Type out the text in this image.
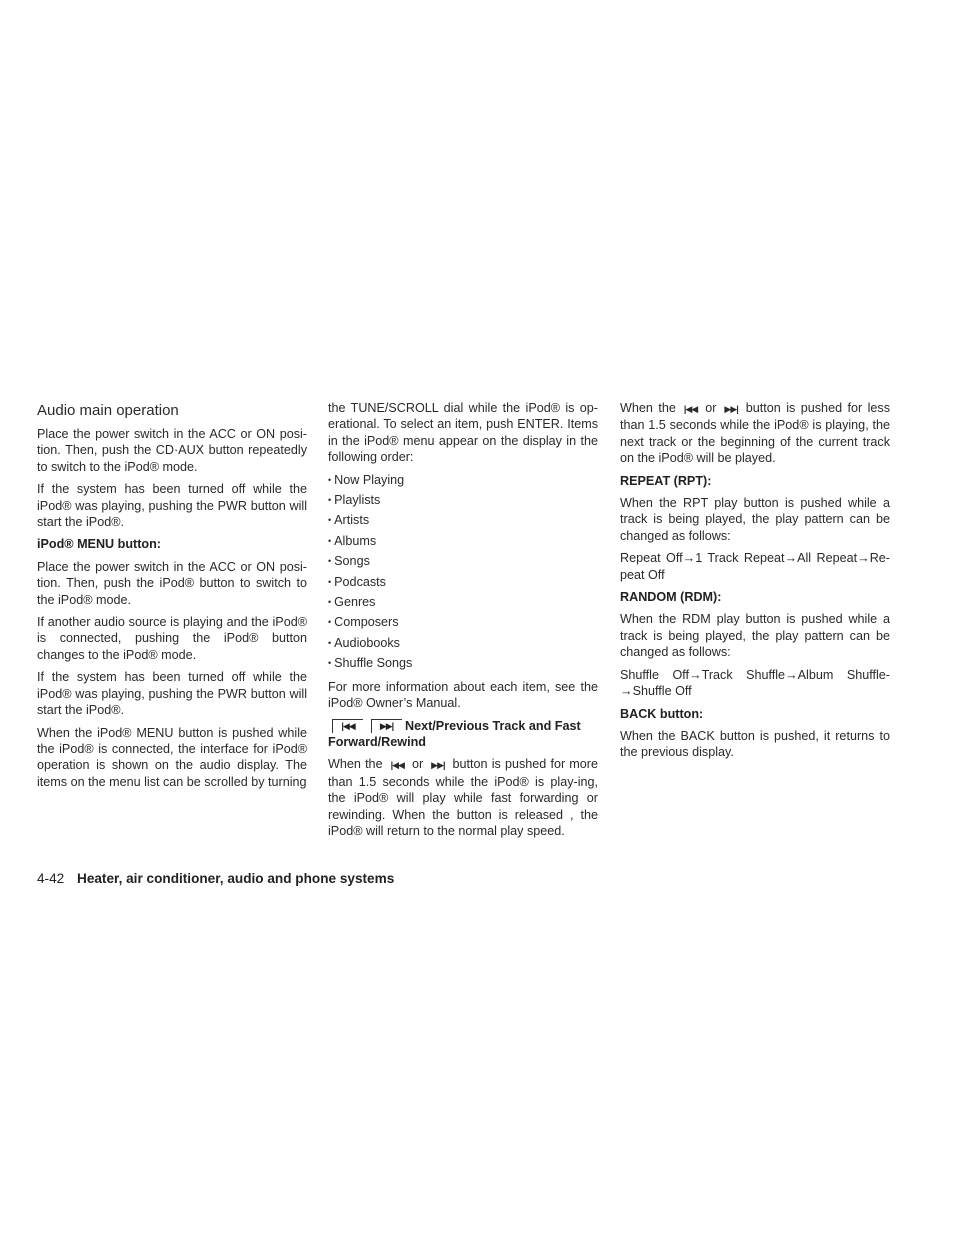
Audio main operation

Place the power switch in the ACC or ON posi-tion. Then, push the CD·AUX button repeatedly to switch to the iPod® mode.

If the system has been turned off while the iPod® was playing, pushing the PWR button will start the iPod®.

iPod® MENU button:

Place the power switch in the ACC or ON posi-tion. Then, push the iPod® button to switch to the iPod® mode.

If another audio source is playing and the iPod® is connected, pushing the iPod® button changes to the iPod® mode.

If the system has been turned off while the iPod® was playing, pushing the PWR button will start the iPod®.

When the iPod® MENU button is pushed while the iPod® is connected, the interface for iPod® operation is shown on the audio display. The items on the menu list can be scrolled by turning

the TUNE/SCROLL dial while the iPod® is op-erational. To select an item, push ENTER. Items in the iPod® menu appear on the display in the following order:

• Now Playing
• Playlists
• Artists
• Albums
• Songs
• Podcasts
• Genres
• Composers
• Audiobooks
• Shuffle Songs

For more information about each item, see the iPod® Owner’s Manual.

|◀◀	▶▶| Next/Previous Track and Fast Forward/Rewind

When the |◀◀ or ▶▶| button is pushed for more than 1.5 seconds while the iPod® is play-ing, the iPod® will play while fast forwarding or rewinding. When the button is released , the iPod® will return to the normal play speed.

When the |◀◀ or ▶▶| button is pushed for less than 1.5 seconds while the iPod® is playing, the next track or the beginning of the current track on the iPod® will be played.

REPEAT (RPT):

When the RPT play button is pushed while a track is being played, the play pattern can be changed as follows:

Repeat Off→1 Track Repeat→All Repeat→Re-peat Off

RANDOM (RDM):

When the RDM play button is pushed while a track is being played, the play pattern can be changed as follows:

Shuffle Off→Track Shuffle→Album Shuffle-→Shuffle Off

BACK button:

When the BACK button is pushed, it returns to the previous display.

4-42 Heater, air conditioner, audio and phone systems
